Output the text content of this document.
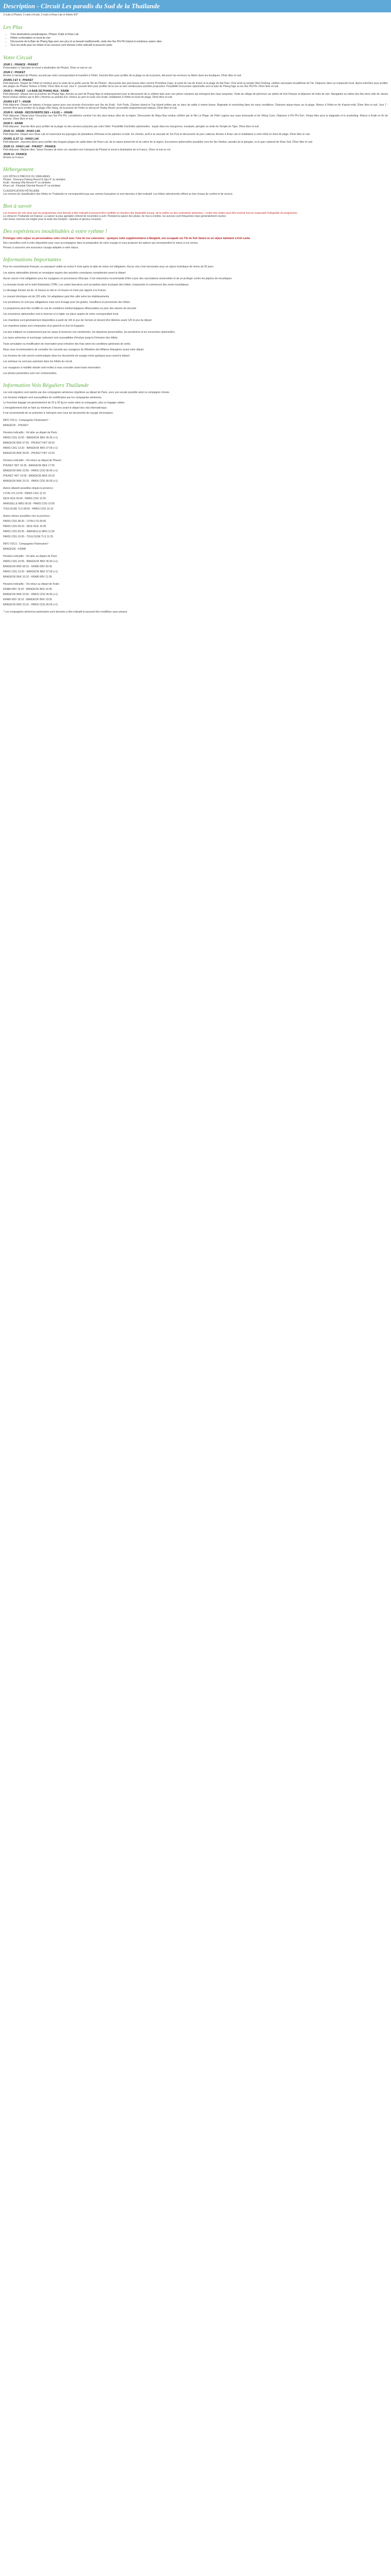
Description - Circuit Les paradis du Sud de la Thaïlande
3 nuits à Phuket, 3 nuits à Krabi, 3 nuits à Khao Lak et hôtels 4/3*
Les Plus
• Trois destinations paradisiaques, Phuket, Krabi et Khao Lak
• Hôtels confortables en bord de mer
• Découverte de la Baie de Phang Nga avec ses pics et sa beauté traditionnelle, visite des îles Phi Phi Island et nombreux autres sites
• Tous les tarifs pour les hôtels et les services sont donnés à titre indicatif et pourront varier
Votre Circuit
JOUR 1 : FRANCE - PHUKET

Présentation à l'aéroport et envol à destination de Phuket. Dîner et nuit en vol.

JOUR 2 : PHUKET

Arrivée à l'aéroport de Phuket, accueil par notre correspondant et transfert à l'hôtel. Journée libre pour profiter de la plage ou de la piscine, découvrir les environs ou flâner dans les boutiques. Dîner libre et nuit.

JOURS 3 ET 4 : PHUKET

Petit déjeuner. Départ de l'hôtel en minibus pour la visite de la partie sud de l'île de Phuket : découverte des plus beaux sites comme Promthep Cape, le point de vue de Karon et la plage de Nai Harn. Puis arrêt au temple Wat Chalong, célèbre sanctuaire bouddhiste de l'île. Déjeuner dans un restaurant local. Après-midi libre pour profiter des plages de Phuket. Retour à l'hôtel. Dîner libre et nuit. Jour 4 : journée libre pour profiter de la mer ou des nombreuses activités proposées. Possibilité d'excursion optionnelle vers la baie de Phang Nga ou les îles Phi Phi. Dîner libre et nuit.

JOUR 5 : PHUKET - LA BAIE DE PHANG NGA - KRABI

Petit déjeuner. Départ vers la province de Phang Nga. Arrivée au port de Phang Nga et embarquement pour la découverte de la célèbre baie avec ses pitons calcaires qui émergent des eaux turquoise. Visite du village de pêcheurs sur pilotis de Koh Panyee et déjeuner de fruits de mer. Navigation au milieu des îles dont celle de James Bond rendue célèbre par le film L'Homme au pistolet d'or. Retour au port et route vers Krabi. Installation à l'hôtel en bord de plage. Dîner libre et nuit.

JOURS 6 ET 7 : KRABI

Petit déjeuner. Départ en bateau à longue queue pour une journée d'excursion aux îles de Krabi : Koh Poda, Chicken Island et Tup Island reliées par un banc de sable à marée basse. Baignade et snorkeling dans les eaux cristallines. Déjeuner pique-nique sur la plage. Retour à l'hôtel en fin d'après-midi. Dîner libre et nuit. Jour 7 : journée libre pour profiter de la plage d'Ao Nang, de la piscine de l'hôtel ou découvrir Railay Beach accessible uniquement par bateau. Dîner libre et nuit.

JOUR 8 : KRABI - DÉCOUVERTE DES « 4 ILES » - KRABI

Petit déjeuner. Départ pour l'excursion aux îles Phi Phi, considérées comme l'un des plus beaux sites de la région. Découverte de Maya Bay rendue célèbre par le film La Plage, de Pileh Lagoon aux eaux émeraude et de Viking Cave. Déjeuner à Phi Phi Don. Temps libre pour la baignade et le snorkeling. Retour à Krabi en fin de journée. Dîner libre et nuit.

JOUR 9 : KRABI

Petit déjeuner. Journée libre pour profiter de la plage ou des services proposés par votre hôtel. Possibilité d'activités optionnelles : kayak dans les mangroves, escalade, plongée ou visite du Temple du Tigre. Dîner libre et nuit.

JOUR 10 : KRABI - KHAO LAK

Petit déjeuner. Départ vers Khao Lak en traversant les paysages de plantations d'hévéas et de palmiers à huile. En chemin, arrêt à la cascade de Ton Prai et découverte du parc national. Arrivée à Khao Lak et installation à votre hôtel en bord de plage. Dîner libre et nuit.

JOURS 11 ET 12 : KHAO LAK

Petit déjeuner. Journées libres pour profiter des longues plages de sable blanc de Khao Lak, de la nature préservée et du calme de la région. Excursions optionnelles possibles vers les îles Similan, paradis de la plongée, ou le parc national de Khao Sok. Dîner libre et nuit.

JOUR 13 : KHAO LAK - PHUKET - FRANCE

Petit déjeuner. Matinée libre. Selon l'horaire de votre vol, transfert vers l'aéroport de Phuket et envol à destination de la France. Dîner et nuit en vol.

JOUR 14 : FRANCE

Arrivée en France.

Hébergement

LES HÔTELS PRÉVUS OU SIMILAIRES

Phuket : Deevana Patong Resort & Spa 4* ou similaire

Krabi : Aonang Villa Resort 4* ou similaire

Khao Lak : Khaolak Oriental Resort 4* ou similaire

CLASSIFICATION HÔTELIÈRE

Les normes de classification des hôtels en Thaïlande ne correspondent pas aux normes françaises et sont données à titre indicatif. Les hôtels sélectionnés offrent un bon niveau de confort et de service.

Bon à savoir

Les horaires de vols ainsi que les programmes sont donnés à titre indicatif et peuvent être modifiés en fonction des impératifs locaux, de la météo ou des contraintes aériennes. L'ordre des visites peut être inversé tout en respectant l'intégralité du programme.

Le climat en Thaïlande est tropical. La saison la plus agréable s'étend de novembre à avril. Pendant la saison des pluies, de mai à octobre, les averses sont fréquentes mais généralement courtes.

Une tenue correcte est exigée pour la visite des temples : épaules et genoux couverts.

Des expériences inoubliables à votre rythme !

Prolongez votre séjour ou personnalisez votre circuit avec l'une de nos extensions : quelques nuits supplémentaires à Bangkok, une escapade sur l'île de Koh Samui ou un séjour balnéaire à Koh Lanta.

Nos conseillers sont à votre disposition pour vous accompagner dans la préparation de votre voyage et vous proposer les options qui correspondent le mieux à vos envies.

Pensez à souscrire une assurance voyage adaptée à votre séjour.

Informations Importantes

Pour les ressortissants français, un passeport valide au moins 6 mois après la date de retour est obligatoire. Aucun visa n'est nécessaire pour un séjour touristique de moins de 30 jours.

Les autres nationalités doivent se renseigner auprès des autorités consulaires compétentes avant le départ.

Aucun vaccin n'est obligatoire pour les voyageurs en provenance d'Europe. Il est néanmoins recommandé d'être à jour des vaccinations universelles et de se protéger contre les piqûres de moustiques.

La monnaie locale est le baht thaïlandais (THB). Les cartes bancaires sont acceptées dans la plupart des hôtels, restaurants et commerces des zones touristiques.

Le décalage horaire est de +5 heures en été et +6 heures en hiver par rapport à la France.

Le courant électrique est de 220 volts. Un adaptateur peut être utile selon les établissements.

Les pourboires ne sont pas obligatoires mais sont d'usage pour les guides, chauffeurs et personnels des hôtels.

Le programme peut être modifié en cas de conditions météorologiques défavorables ou pour des raisons de sécurité.

Les excursions optionnelles sont à réserver et à régler sur place auprès de notre correspondant local.

Les chambres sont généralement disponibles à partir de 14h le jour de l'arrivée et doivent être libérées avant 12h le jour du départ.

Les chambres triples sont composées d'un grand lit et d'un lit d'appoint.

Les prix indiqués ne comprennent pas les repas et boissons non mentionnés, les dépenses personnelles, les pourboires et les excursions optionnelles.

Les taxes aériennes et surcharge carburant sont susceptibles d'évoluer jusqu'à l'émission des billets.

Toute annulation ou modification de réservation peut entraîner des frais selon les conditions générales de vente.

Nous vous recommandons de consulter les conseils aux voyageurs du Ministère des Affaires étrangères avant votre départ.

Les horaires de vols seront communiqués dans les documents de voyage remis quelques jours avant le départ.

Les animaux ne sont pas autorisés dans les hôtels du circuit.

Les voyageurs à mobilité réduite sont invités à nous consulter avant toute réservation.

Les photos présentées sont non contractuelles.

Information Vols Réguliers Thaïlande

Les vols réguliers sont opérés par des compagnies aériennes régulières au départ de Paris, avec une escale possible selon la compagnie choisie.

Les horaires indiqués sont susceptibles de modification par les compagnies aériennes.

Le franchise bagage est généralement de 20 à 30 kg en soute selon la compagnie, plus un bagage cabine.

L'enregistrement doit se faire au minimum 3 heures avant le départ des vols internationaux.

Il est recommandé de se présenter à l'aéroport avec tous les documents de voyage nécessaires.

INFO VOLS : Compagnies Partenaires* :

BANGKOK - PHUKET

Horaires indicatifs - Vol aller au départ de Paris :

PARIS CDG 10:55 - BANGKOK BKK 05:30 (+1)

BANGKOK BKK 07:55 - PHUKET HKT 09:20

PARIS CDG 13:20 - BANGKOK BKK 07:00 (+1)

BANGKOK BKK 09:05 - PHUKET HKT 10:25

Horaires indicatifs - Vol retour au départ de Phuket :

PHUKET HKT 16:35 - BANGKOK BKK 17:55

BANGKOK BKK 23:50 - PARIS CDG 06:45 (+1)

PHUKET HKT 19:00 - BANGKOK BKK 20:20

BANGKOK BKK 23:15 - PARIS CDG 06:00 (+1)

Autres départs possibles depuis la province :

LYON LYS 10:00 - PARIS CDG 11:15

NICE NCE 09:40 - PARIS CDG 11:05

MARSEILLE MRS 09:30 - PARIS CDG 10:55

TOULOUSE TLS 08:50 - PARIS CDG 10:10

Autres retours possibles vers la province :

PARIS CDG 08:30 - LYON LYS 09:40

PARIS CDG 09:15 - NICE NCE 10:45

PARIS CDG 09:35 - MARSEILLE MRS 11:00

PARIS CDG 10:05 - TOULOUSE TLS 11:25

INFO VOLS : Compagnies Partenaires* :

BANGKOK - KRABI

Horaires indicatifs - Vol aller au départ de Paris :

PARIS CDG 10:55 - BANGKOK BKK 05:30 (+1)

BANGKOK BKK 08:15 - KRABI KBV 09:35

PARIS CDG 13:20 - BANGKOK BKK 07:00 (+1)

BANGKOK BKK 10:10 - KRABI KBV 11:30

Horaires indicatifs - Vol retour au départ de Krabi :

KRABI KBV 15:20 - BANGKOK BKK 16:45

BANGKOK BKK 23:50 - PARIS CDG 06:45 (+1)

KRABI KBV 18:10 - BANGKOK BKK 19:35

BANGKOK BKK 23:15 - PARIS CDG 06:00 (+1)

* Les compagnies aériennes partenaires sont données à titre indicatif et peuvent être modifiées sans préavis.
